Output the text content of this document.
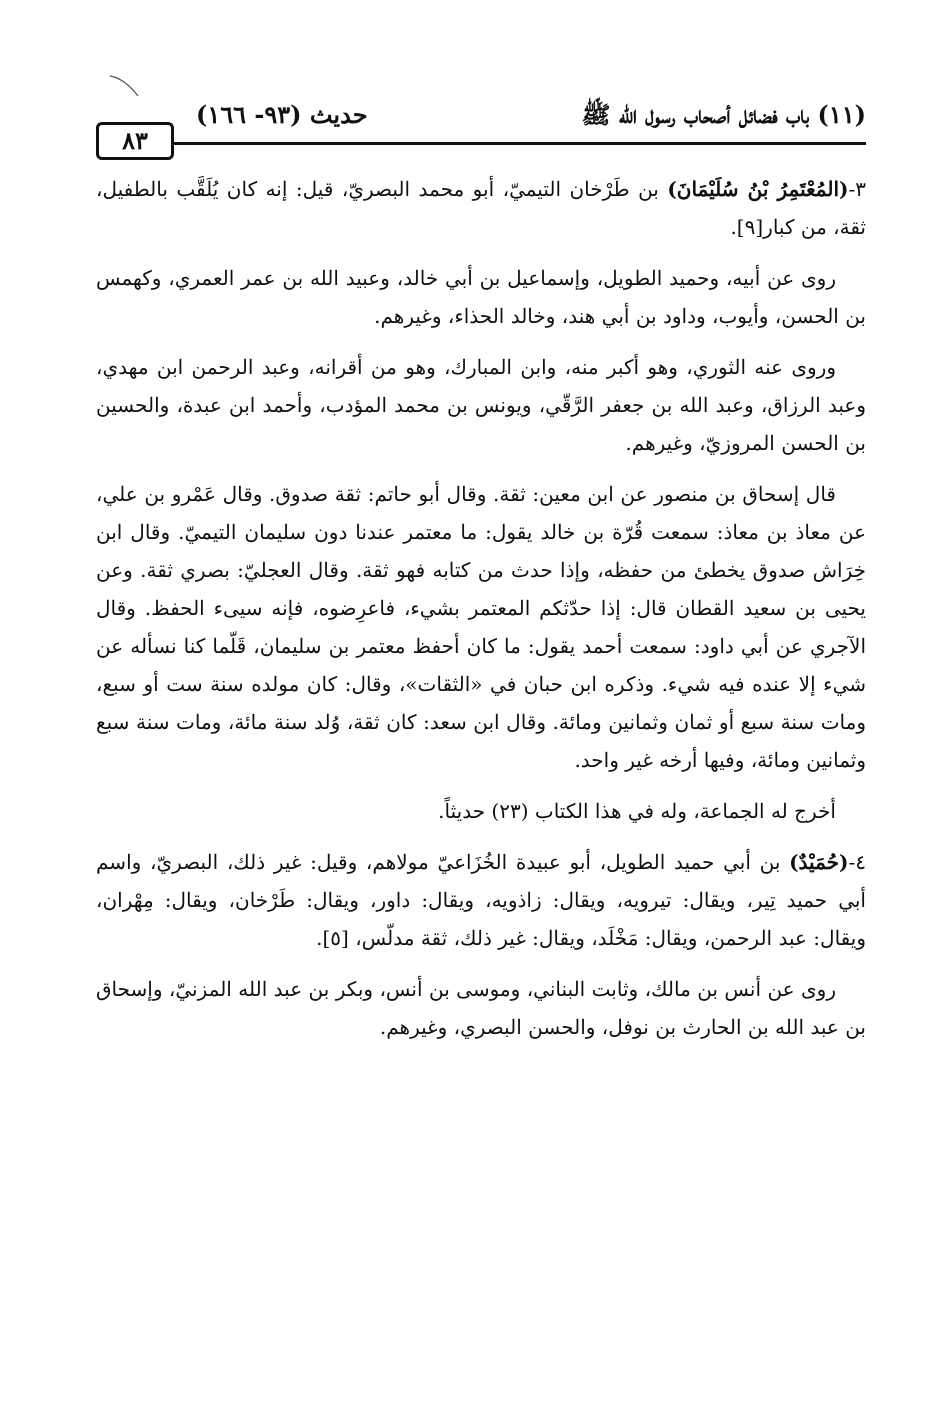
(١١) باب فضائل أصحاب رسول الله ﷺ
حديث (٩٣- ١٦٦)
٨٣

٣-(المُعْتَمِرُ بْنُ سُلَيْمَانَ) بن طَرْخان التيميّ، أبو محمد البصريّ، قيل: إنه كان يُلَقَّب بالطفيل، ثقة، من كبار[٩].

روى عن أبيه، وحميد الطويل، وإسماعيل بن أبي خالد، وعبيد الله بن عمر العمري، وكهمس بن الحسن، وأيوب، وداود بن أبي هند، وخالد الحذاء، وغيرهم.

وروى عنه الثوري، وهو أكبر منه، وابن المبارك، وهو من أقرانه، وعبد الرحمن ابن مهدي، وعبد الرزاق، وعبد الله بن جعفر الرَّقّي، ويونس بن محمد المؤدب، وأحمد ابن عبدة، والحسين بن الحسن المروزيّ، وغيرهم.

قال إسحاق بن منصور عن ابن معين: ثقة. وقال أبو حاتم: ثقة صدوق. وقال عَمْرو بن علي، عن معاذ بن معاذ: سمعت قُرّة بن خالد يقول: ما معتمر عندنا دون سليمان التيميّ. وقال ابن خِرَاش صدوق يخطئ من حفظه، وإذا حدث من كتابه فهو ثقة. وقال العجليّ: بصري ثقة. وعن يحيى بن سعيد القطان قال: إذا حدّثكم المعتمر بشيء، فاعرِضوه، فإنه سيىء الحفظ. وقال الآجري عن أبي داود: سمعت أحمد يقول: ما كان أحفظ معتمر بن سليمان، قَلّما كنا نسأله عن شيء إلا عنده فيه شيء. وذكره ابن حبان في «الثقات»، وقال: كان مولده سنة ست أو سبع، ومات سنة سبع أو ثمان وثمانين ومائة. وقال ابن سعد: كان ثقة، وُلد سنة مائة، ومات سنة سبع وثمانين ومائة، وفيها أرخه غير واحد.

أخرج له الجماعة، وله في هذا الكتاب (٢٣) حديثاً.

٤-(حُمَيْدٌ) بن أبي حميد الطويل، أبو عبيدة الخُزَاعيّ مولاهم، وقيل: غير ذلك، البصريّ، واسم أبي حميد تِير، ويقال: تيرويه، ويقال: زاذويه، ويقال: داور، ويقال: طَرْخان، ويقال: مِهْران، ويقال: عبد الرحمن، ويقال: مَخْلَد، ويقال: غير ذلك، ثقة مدلّس، [٥].

روى عن أنس بن مالك، وثابت البناني، وموسى بن أنس، وبكر بن عبد الله المزنيّ، وإسحاق بن عبد الله بن الحارث بن نوفل، والحسن البصري، وغيرهم.
